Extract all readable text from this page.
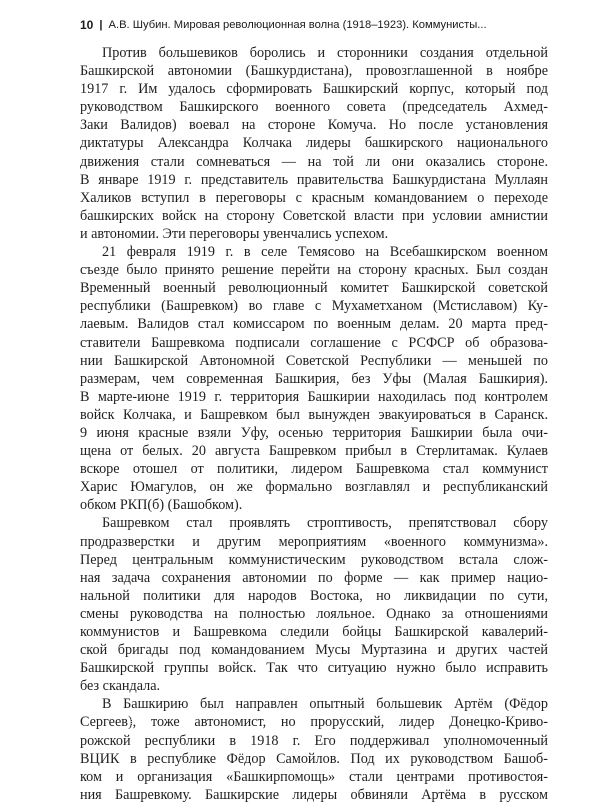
10 | А.В. Шубин. Мировая революционная волна (1918–1923). Коммунисты...
Против большевиков боролись и сторонники создания отдельной
Башкирской автономии (Башкурдистана), провозглашенной в ноябре
1917 г. Им удалось сформировать Башкирский корпус, который под
руководством Башкирского военного совета (председатель Ахмед-
Заки Валидов) воевал на стороне Комуча. Но после установления
диктатуры Александра Колчака лидеры башкирского национального
движения стали сомневаться — на той ли они оказались стороне.
В январе 1919 г. представитель правительства Башкурдистана Муллаян
Халиков вступил в переговоры с красным командованием о переходе
башкирских войск на сторону Советской власти при условии амнистии
и автономии. Эти переговоры увенчались успехом.
21 февраля 1919 г. в селе Темясово на Всебашкирском военном
съезде было принято решение перейти на сторону красных. Был создан
Временный военный революционный комитет Башкирской советской
республики (Башревком) во главе с Мухаметханом (Мстиславом) Ку-
лаевым. Валидов стал комиссаром по военным делам. 20 марта пред-
ставители Башревкома подписали соглашение с РСФСР об образова-
нии Башкирской Автономной Советской Республики — меньшей по
размерам, чем современная Башкирия, без Уфы (Малая Башкирия).
В марте-июне 1919 г. территория Башкирии находилась под контролем
войск Колчака, и Башревком был вынужден эвакуироваться в Саранск.
9 июня красные взяли Уфу, осенью территория Башкирии была очи-
щена от белых. 20 августа Башревком прибыл в Стерлитамак. Кулаев
вскоре отошел от политики, лидером Башревкома стал коммунист
Харис Юмагулов, он же формально возглавлял и республиканский
обком РКП(б) (Башобком).
Башревком стал проявлять строптивость, препятствовал сбору
продразверстки и другим мероприятиям «военного коммунизма».
Перед центральным коммунистическим руководством встала слож-
ная задача сохранения автономии по форме — как пример нацио-
нальной политики для народов Востока, но ликвидации по сути,
смены руководства на полностью лояльное. Однако за отношениями
коммунистов и Башревкома следили бойцы Башкирской кавалерий-
ской бригады под командованием Мусы Муртазина и других частей
Башкирской группы войск. Так что ситуацию нужно было исправить
без скандала.
В Башкирию был направлен опытный большевик Артём (Фёдор
Сергеев), тоже автономист, но прорусский, лидер Донецко-Криво-
рожской республики в 1918 г. Его поддерживал уполномоченный
ВЦИК в республике Фёдор Самойлов. Под их руководством Башоб-
ком и организация «Башкирпомощь» стали центрами противостоя-
ния Башревкому. Башкирские лидеры обвиняли Артёма в русском
